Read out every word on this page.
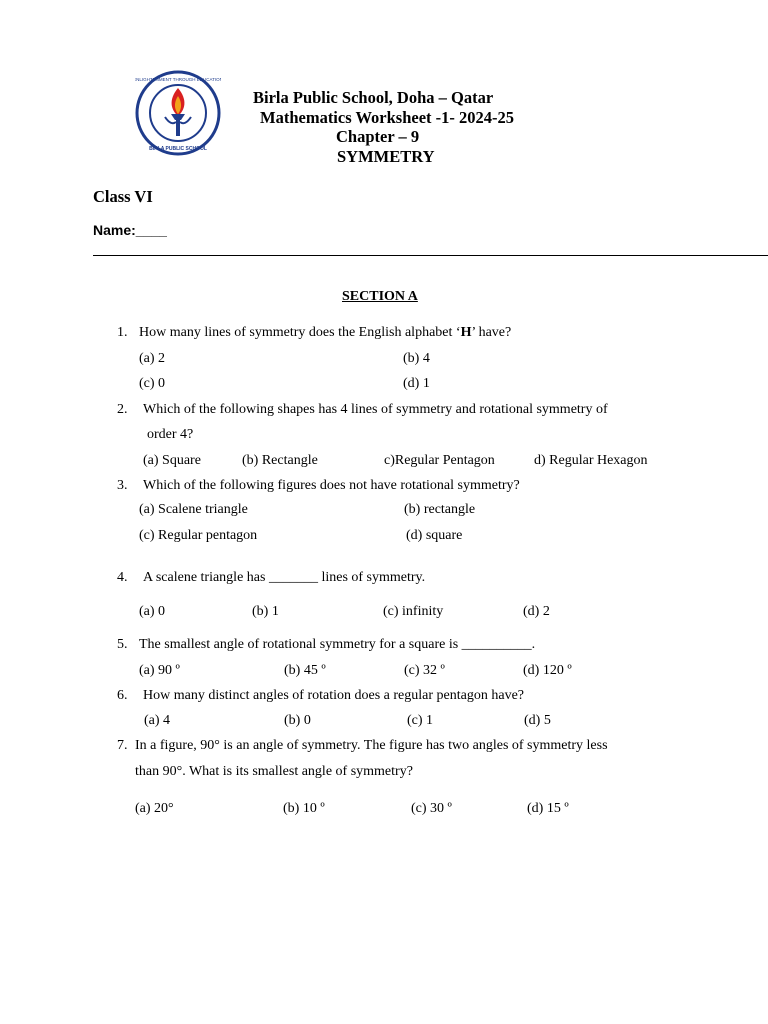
ENLIGHTENMENT THROUGH EDUCATION
BIRLA PUBLIC SCHOOL
Birla Public School, Doha – Qatar
Mathematics Worksheet -1- 2024-25
Chapter – 9
SYMMETRY
Class VI
Name:____
SECTION A
1. How many lines of symmetry does the English alphabet ‘H’ have?
(a) 2	(b) 4
(c) 0	(d) 1
2. Which of the following shapes has 4 lines of symmetry and rotational symmetry of
order 4?
(a) Square	(b) Rectangle	c)Regular Pentagon	d) Regular Hexagon
3. Which of the following figures does not have rotational symmetry?
(a) Scalene triangle	(b) rectangle
(c) Regular pentagon	(d) square
4. A scalene triangle has _______ lines of symmetry.
(a) 0	(b) 1	(c) infinity	(d) 2
5. The smallest angle of rotational symmetry for a square is __________.
(a) 90 º	(b) 45 º	(c) 32 º	(d) 120 º
6. How many distinct angles of rotation does a regular pentagon have?
(a) 4	(b) 0	(c) 1	(d) 5
7. In a figure, 90° is an angle of symmetry. The figure has two angles of symmetry less
than 90°. What is its smallest angle of symmetry?
(a) 20°	(b) 10 º	(c) 30 º	(d) 15 º
